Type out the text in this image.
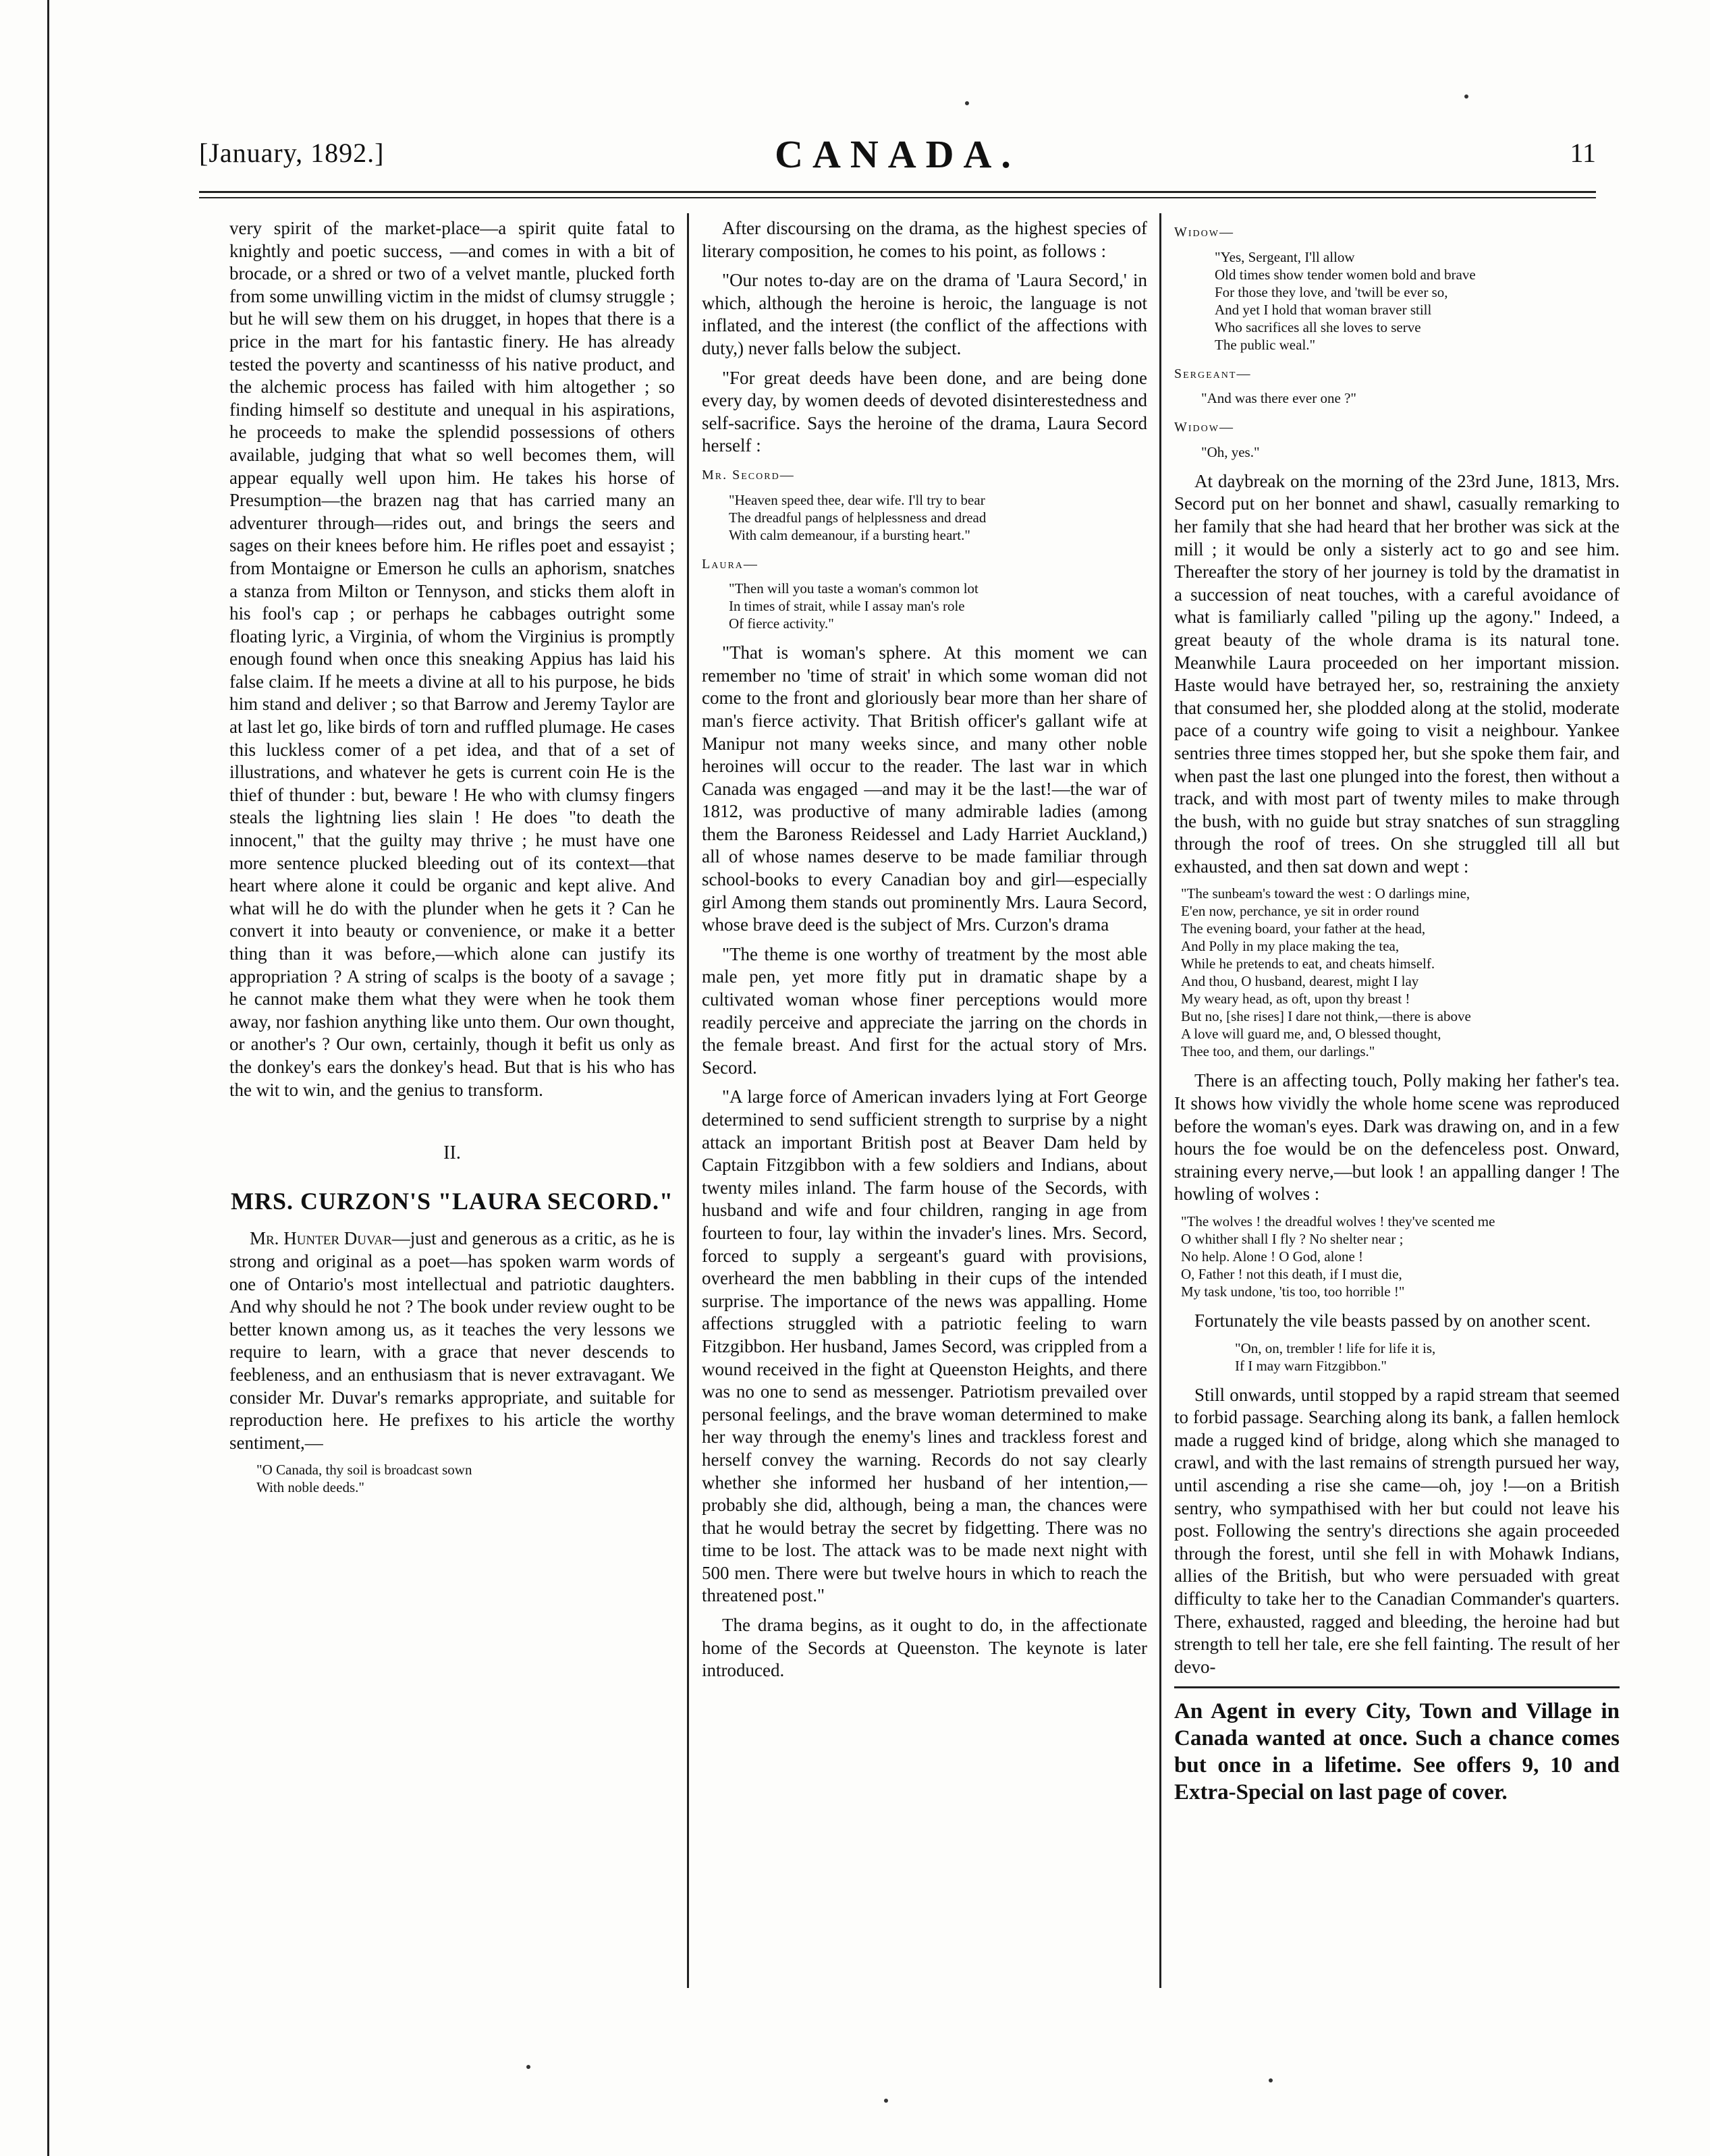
[January, 1892.]	CANADA.	11

very spirit of the market-place—a spirit quite fatal to knightly and poetic success, —and comes in with a bit of brocade, or a shred or two of a velvet mantle, plucked forth from some unwilling victim in the midst of clumsy struggle ; but he will sew them on his drugget, in hopes that there is a price in the mart for his fantastic finery. He has already tested the poverty and scantinesss of his native product, and the alchemic process has failed with him altogether ; so finding himself so destitute and unequal in his aspirations, he proceeds to make the splendid possessions of others available, judging that what so well becomes them, will appear equally well upon him. He takes his horse of Presumption—the brazen nag that has carried many an adventurer through—rides out, and brings the seers and sages on their knees before him. He rifles poet and essayist ; from Montaigne or Emerson he culls an aphorism, snatches a stanza from Milton or Tennyson, and sticks them aloft in his fool's cap ; or perhaps he cabbages outright some floating lyric, a Virginia, of whom the Virginius is promptly enough found when once this sneaking Appius has laid his false claim. If he meets a divine at all to his purpose, he bids him stand and deliver ; so that Barrow and Jeremy Taylor are at last let go, like birds of torn and ruffled plumage. He cases this luckless comer of a pet idea, and that of a set of illustrations, and whatever he gets is current coin He is the thief of thunder : but, beware ! He who with clumsy fingers steals the lightning lies slain ! He does "to death the innocent," that the guilty may thrive ; he must have one more sentence plucked bleeding out of its context—that heart where alone it could be organic and kept alive. And what will he do with the plunder when he gets it ? Can he convert it into beauty or convenience, or make it a better thing than it was before,—which alone can justify its appropriation ? A string of scalps is the booty of a savage ; he cannot make them what they were when he took them away, nor fashion anything like unto them. Our own thought, or another's ? Our own, certainly, though it befit us only as the donkey's ears the donkey's head. But that is his who has the wit to win, and the genius to transform.

II.
MRS. CURZON'S "LAURA SECORD."

Mr. Hunter Duvar—just and generous as a critic, as he is strong and original as a poet—has spoken warm words of one of Ontario's most intellectual and patriotic daughters. And why should he not ? The book under review ought to be better known among us, as it teaches the very lessons we require to learn, with a grace that never descends to feebleness, and an enthusiasm that is never extravagant. We consider Mr. Duvar's remarks appropriate, and suitable for reproduction here. He prefixes to his article the worthy sentiment,—

"O Canada, thy soil is broadcast sown
With noble deeds."

After discoursing on the drama, as the highest species of literary composition, he comes to his point, as follows :

"Our notes to-day are on the drama of 'Laura Secord,' in which, although the heroine is heroic, the language is not inflated, and the interest (the conflict of the affections with duty,) never falls below the subject.

"For great deeds have been done, and are being done every day, by women deeds of devoted disinterestedness and self-sacrifice. Says the heroine of the drama, Laura Secord herself :

Mr. Secord—
"Heaven speed thee, dear wife. I'll try to bear
The dreadful pangs of helplessness and dread
With calm demeanour, if a bursting heart."
Laura—
"Then will you taste a woman's common lot
In times of strait, while I assay man's role
Of fierce activity."

"That is woman's sphere. At this moment we can remember no 'time of strait' in which some woman did not come to the front and gloriously bear more than her share of man's fierce activity. That British officer's gallant wife at Manipur not many weeks since, and many other noble heroines will occur to the reader. The last war in which Canada was engaged —and may it be the last!—the war of 1812, was productive of many admirable ladies (among them the Baroness Reidessel and Lady Harriet Auckland,) all of whose names deserve to be made familiar through school-books to every Canadian boy and girl—especially girl Among them stands out prominently Mrs. Laura Secord, whose brave deed is the subject of Mrs. Curzon's drama

"The theme is one worthy of treatment by the most able male pen, yet more fitly put in dramatic shape by a cultivated woman whose finer perceptions would more readily perceive and appreciate the jarring on the chords in the female breast. And first for the actual story of Mrs. Secord.

"A large force of American invaders lying at Fort George determined to send sufficient strength to surprise by a night attack an important British post at Beaver Dam held by Captain Fitzgibbon with a few soldiers and Indians, about twenty miles inland. The farm house of the Secords, with husband and wife and four children, ranging in age from fourteen to four, lay within the invader's lines. Mrs. Secord, forced to supply a sergeant's guard with provisions, overheard the men babbling in their cups of the intended surprise. The importance of the news was appalling. Home affections struggled with a patriotic feeling to warn Fitzgibbon. Her husband, James Secord, was crippled from a wound received in the fight at Queenston Heights, and there was no one to send as messenger. Patriotism prevailed over personal feelings, and the brave woman determined to make her way through the enemy's lines and trackless forest and herself convey the warning. Records do not say clearly whether she informed her husband of her intention,—probably she did, although, being a man, the chances were that he would betray the secret by fidgetting. There was no time to be lost. The attack was to be made next night with 500 men. There were but twelve hours in which to reach the threatened post."

The drama begins, as it ought to do, in the affectionate home of the Secords at Queenston. The keynote is later introduced.

Widow—
"Yes, Sergeant, I'll allow
Old times show tender women bold and brave
For those they love, and 'twill be ever so,
And yet I hold that woman braver still
Who sacrifices all she loves to serve
The public weal."
Sergeant—
"And was there ever one ?"
Widow—
"Oh, yes."

At daybreak on the morning of the 23rd June, 1813, Mrs. Secord put on her bonnet and shawl, casually remarking to her family that she had heard that her brother was sick at the mill ; it would be only a sisterly act to go and see him. Thereafter the story of her journey is told by the dramatist in a succession of neat touches, with a careful avoidance of what is familiarly called "piling up the agony." Indeed, a great beauty of the whole drama is its natural tone. Meanwhile Laura proceeded on her important mission. Haste would have betrayed her, so, restraining the anxiety that consumed her, she plodded along at the stolid, moderate pace of a country wife going to visit a neighbour. Yankee sentries three times stopped her, but she spoke them fair, and when past the last one plunged into the forest, then without a track, and with most part of twenty miles to make through the bush, with no guide but stray snatches of sun straggling through the roof of trees. On she struggled till all but exhausted, and then sat down and wept :

"The sunbeam's toward the west : O darlings mine,
E'en now, perchance, ye sit in order round
The evening board, your father at the head,
And Polly in my place making the tea,
While he pretends to eat, and cheats himself.
And thou, O husband, dearest, might I lay
My weary head, as oft, upon thy breast !
But no, [she rises] I dare not think,—there is above
A love will guard me, and, O blessed thought,
Thee too, and them, our darlings."

There is an affecting touch, Polly making her father's tea. It shows how vividly the whole home scene was reproduced before the woman's eyes. Dark was drawing on, and in a few hours the foe would be on the defenceless post. Onward, straining every nerve,—but look ! an appalling danger ! The howling of wolves :

"The wolves ! the dreadful wolves ! they've scented me
O whither shall I fly ? No shelter near ;
No help. Alone ! O God, alone !
O, Father ! not this death, if I must die,
My task undone, 'tis too, too horrible !"

Fortunately the vile beasts passed by on another scent.

"On, on, trembler ! life for life it is,
If I may warn Fitzgibbon."

Still onwards, until stopped by a rapid stream that seemed to forbid passage. Searching along its bank, a fallen hemlock made a rugged kind of bridge, along which she managed to crawl, and with the last remains of strength pursued her way, until ascending a rise she came—oh, joy !—on a British sentry, who sympathised with her but could not leave his post. Following the sentry's directions she again proceeded through the forest, until she fell in with Mohawk Indians, allies of the British, but who were persuaded with great difficulty to take her to the Canadian Commander's quarters. There, exhausted, ragged and bleeding, the heroine had but strength to tell her tale, ere she fell fainting. The result of her devo-

An Agent in every City, Town and Village in Canada wanted at once. Such a chance comes but once in a lifetime. See offers 9, 10 and Extra-Special on last page of cover.
